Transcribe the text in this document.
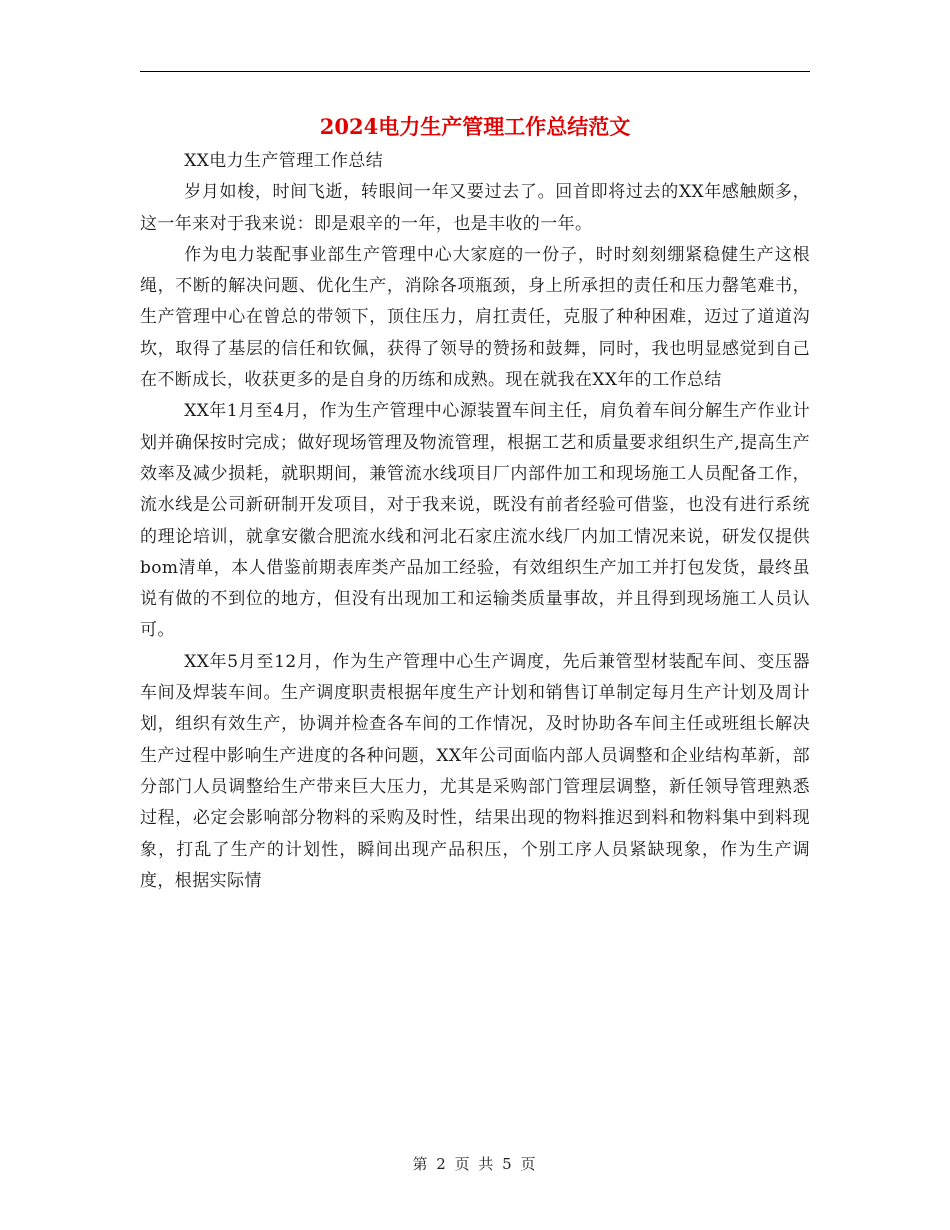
2024电力生产管理工作总结范文

XX电力生产管理工作总结

岁月如梭，时间飞逝，转眼间一年又要过去了。回首即将过去的XX年感触颇多，这一年来对于我来说：即是艰辛的一年，也是丰收的一年。

作为电力装配事业部生产管理中心大家庭的一份子，时时刻刻绷紧稳健生产这根绳，不断的解决问题、优化生产，消除各项瓶颈，身上所承担的责任和压力罄笔难书，生产管理中心在曾总的带领下，顶住压力，肩扛责任，克服了种种困难，迈过了道道沟坎，取得了基层的信任和钦佩，获得了领导的赞扬和鼓舞，同时，我也明显感觉到自己在不断成长，收获更多的是自身的历练和成熟。现在就我在XX年的工作总结

XX年1月至4月，作为生产管理中心源装置车间主任，肩负着车间分解生产作业计划并确保按时完成；做好现场管理及物流管理，根据工艺和质量要求组织生产,提高生产效率及减少损耗，就职期间，兼管流水线项目厂内部件加工和现场施工人员配备工作，流水线是公司新研制开发项目，对于我来说，既没有前者经验可借鉴，也没有进行系统的理论培训，就拿安徽合肥流水线和河北石家庄流水线厂内加工情况来说，研发仅提供bom清单，本人借鉴前期表库类产品加工经验，有效组织生产加工并打包发货，最终虽说有做的不到位的地方，但没有出现加工和运输类质量事故，并且得到现场施工人员认可。

XX年5月至12月，作为生产管理中心生产调度，先后兼管型材装配车间、变压器车间及焊装车间。生产调度职责根据年度生产计划和销售订单制定每月生产计划及周计划，组织有效生产，协调并检查各车间的工作情况，及时协助各车间主任或班组长解决生产过程中影响生产进度的各种问题，XX年公司面临内部人员调整和企业结构革新，部分部门人员调整给生产带来巨大压力，尤其是采购部门管理层调整，新任领导管理熟悉过程，必定会影响部分物料的采购及时性，结果出现的物料推迟到料和物料集中到料现象，打乱了生产的计划性，瞬间出现产品积压，个别工序人员紧缺现象，作为生产调度，根据实际情

第 2 页 共 5 页
